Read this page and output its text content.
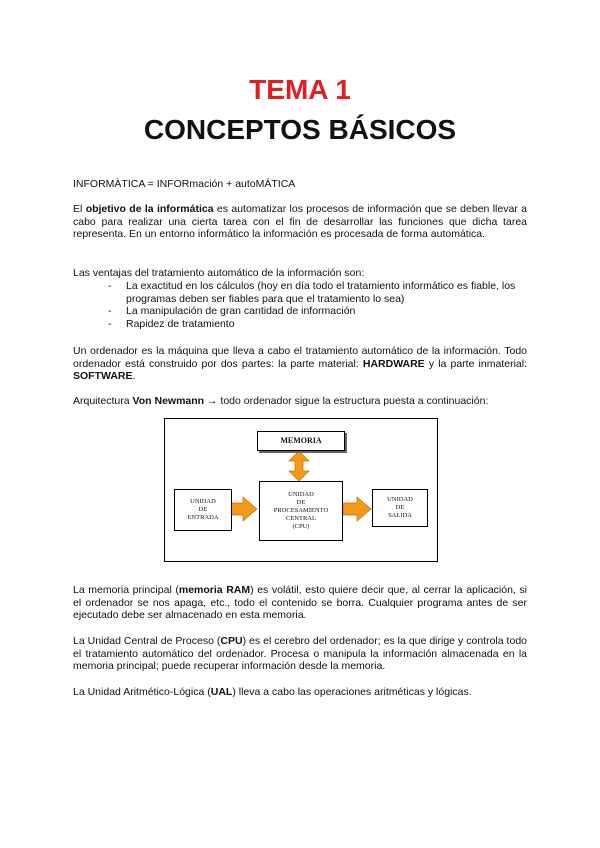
TEMA 1
CONCEPTOS BÁSICOS

INFORMÀTICA = INFORmación + autoMÁTICA

El objetivo de la informática es automatizar los procesos de información que se deben llevar a cabo para realizar una cierta tarea con el fin de desarrollar las funciones que dicha tarea representa. En un entorno informático la información es procesada de forma automática.

Las ventajas del tratamiento automático de la información son:

- La exactitud en los cálculos (hoy en día todo el tratamiento informático es fiable, los programas deben ser fiables para que el tratamiento lo sea)
- La manipulación de gran cantidad de información
- Rapidez de tratamiento

Un ordenador es la máquina que lleva a cabo el tratamiento automático de la información. Todo ordenador está construido por dos partes: la parte material: HARDWARE y la parte inmaterial: SOFTWARE.

Arquitectura Von Newmann → todo ordenador sigue la estructura puesta a continuación:

MEMORIA
UNIDAD
DE
ENTRADA
UNIDAD
DE
PROCESAMIENTO
CENTRAL
(CPU)
UNIDAD
DE
SALIDA

La memoria principal (memoria RAM) es volátil, esto quiere decir que, al cerrar la aplicación, si el ordenador se nos apaga, etc., todo el contenido se borra. Cualquier programa antes de ser ejecutado debe ser almacenado en esta memoria.

La Unidad Central de Proceso (CPU) es el cerebro del ordenador; es la que dirige y controla todo el tratamiento automático del ordenador. Procesa o manipula la información almacenada en la memoria principal; puede recuperar información desde la memoria.

La Unidad Aritmético-Lógica (UAL) lleva a cabo las operaciones aritméticas y lógicas.
